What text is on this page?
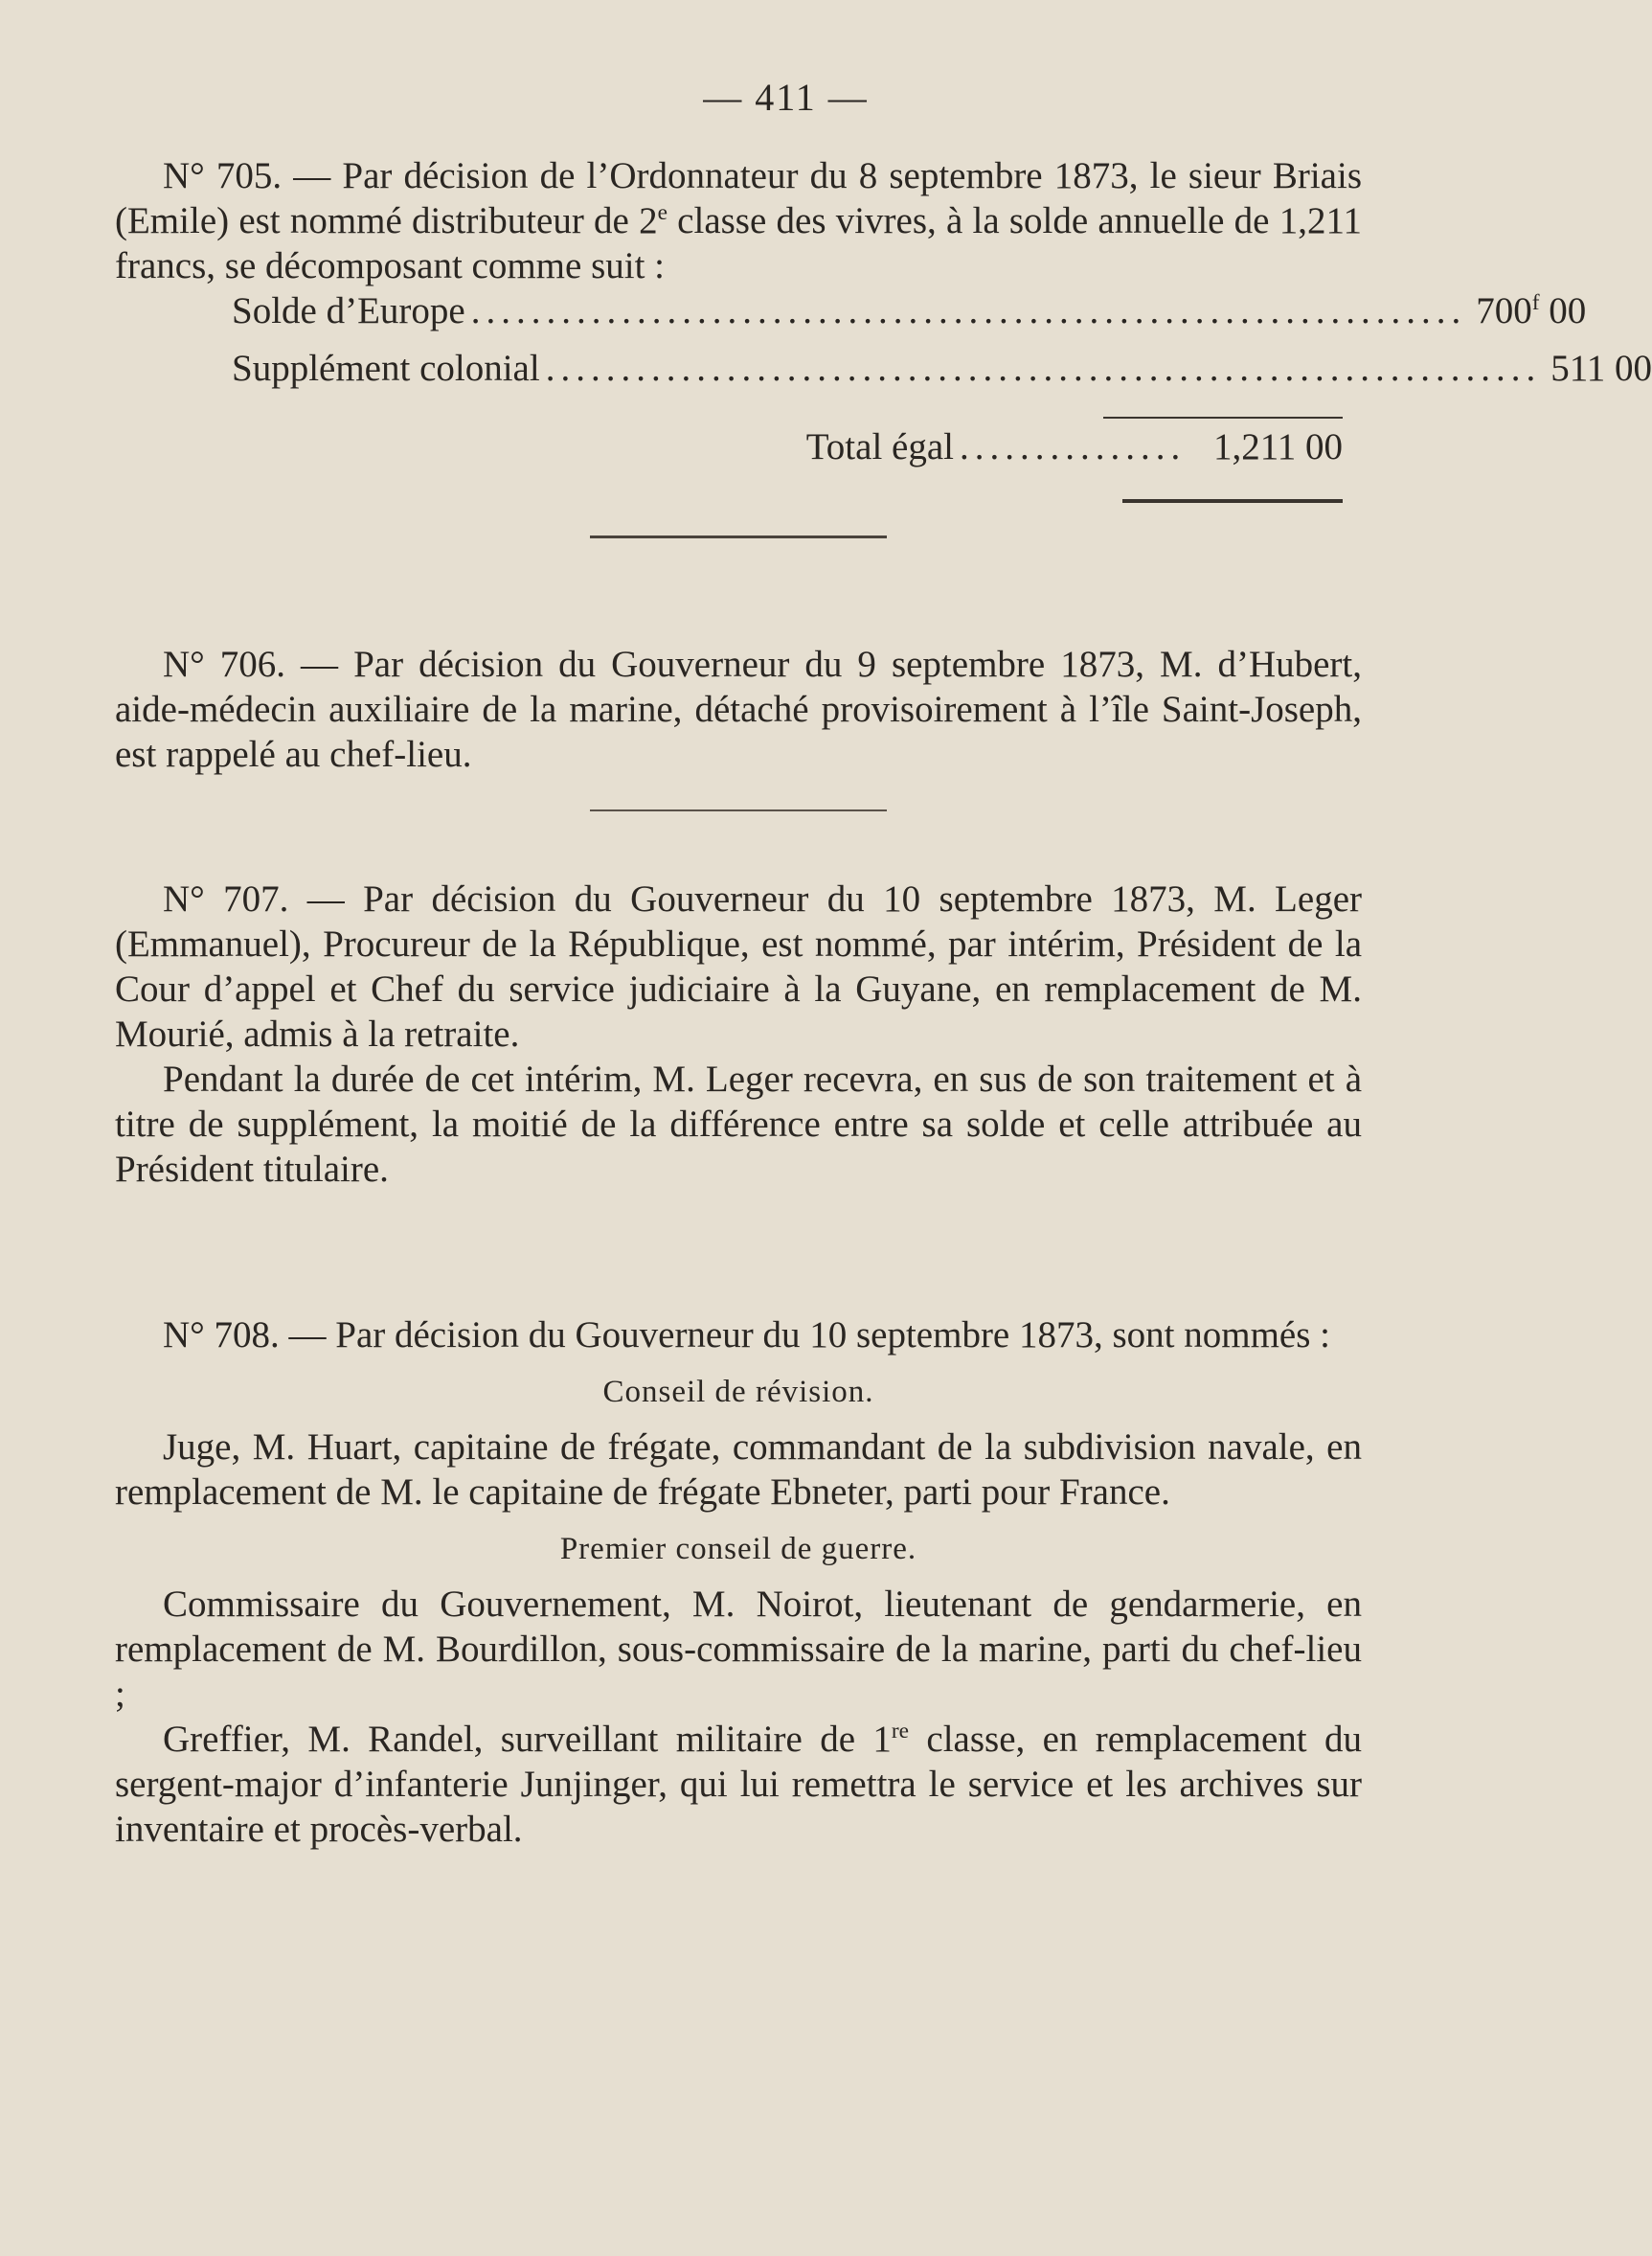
— 411 —

N° 705. — Par décision de l’Ordonnateur du 8 septembre 1873, le sieur Briais (Emile) est nommé distributeur de 2e classe des vivres, à la solde annuelle de 1,211 francs, se décomposant comme suit :

Solde d’Europe .................................................................. 700$^f$ 00
Supplément colonial .................................................................. 511 00
Total égal ............... 1,211 00

N° 706. — Par décision du Gouverneur du 9 septembre 1873, M. d’Hubert, aide-médecin auxiliaire de la marine, détaché provisoirement à l’île Saint-Joseph, est rappelé au chef-lieu.

N° 707. — Par décision du Gouverneur du 10 septembre 1873, M. Leger (Emmanuel), Procureur de la République, est nommé, par intérim, Président de la Cour d’appel et Chef du service judiciaire à la Guyane, en remplacement de M. Mourié, admis à la retraite.

Pendant la durée de cet intérim, M. Leger recevra, en sus de son traitement et à titre de supplément, la moitié de la différence entre sa solde et celle attribuée au Président titulaire.

N° 708. — Par décision du Gouverneur du 10 septembre 1873, sont nommés :

Conseil de révision.

Juge, M. Huart, capitaine de frégate, commandant de la subdivision navale, en remplacement de M. le capitaine de frégate Ebneter, parti pour France.

Premier conseil de guerre.

Commissaire du Gouvernement, M. Noirot, lieutenant de gendarmerie, en remplacement de M. Bourdillon, sous-commissaire de la marine, parti du chef-lieu ;

Greffier, M. Randel, surveillant militaire de 1re classe, en remplacement du sergent-major d’infanterie Junjinger, qui lui remettra le service et les archives sur inventaire et procès-verbal.
